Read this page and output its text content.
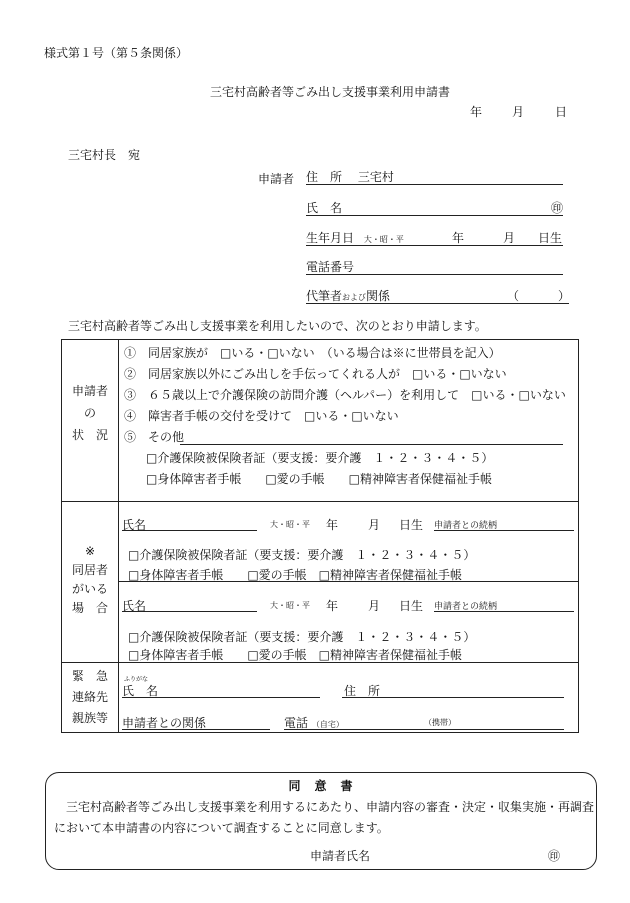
様式第１号（第５条関係）
三宅村高齢者等ごみ出し支援事業利用申請書
年 月	日
三宅村長　宛
申請者 住　所 三宅村
氏　名	㊞
生年月日 大・昭・平	年	月 日生
電話番号
代筆者および関係	（	）
三宅村高齢者等ごみ出し支援事業を利用したいので、次のとおり申請します。
申請者
の
状　況
①　同居家族が　□いる・□いない　（いる場合は※に世帯員を記入）
②　同居家族以外にごみ出しを手伝ってくれる人が　□いる・□いない
③　６５歳以上で介護保険の訪問介護（ヘルパー）を利用して　□いる・□いない
④　障害者手帳の交付を受けて　□いる・□いない
⑤　その他
□介護保険被保険者証（要支援：要介護　１・２・３・４・５）
□身体障害者手帳　　□愛の手帳　　□精神障害者保健福祉手帳
※
同居者
がいる
場　合
氏名	大・昭・平 年 月 日生 申請者との続柄
□介護保険被保険者証（要支援：要介護　１・２・３・４・５）
□身体障害者手帳　　□愛の手帳　□精神障害者保健福祉手帳
氏名	大・昭・平 年 月 日生 申請者との続柄
□介護保険被保険者証（要支援：要介護　１・２・３・４・５）
□身体障害者手帳　　□愛の手帳　□精神障害者保健福祉手帳
緊　急
連絡先
親族等
ふりがな
氏　名	住　所
申請者との関係	電話 （自宅）	（携帯）
同　意　書
三宅村高齢者等ごみ出し支援事業を利用するにあたり、申請内容の審査・決定・収集実施・再調査
において本申請書の内容について調査することに同意します。
申請者氏名	㊞
